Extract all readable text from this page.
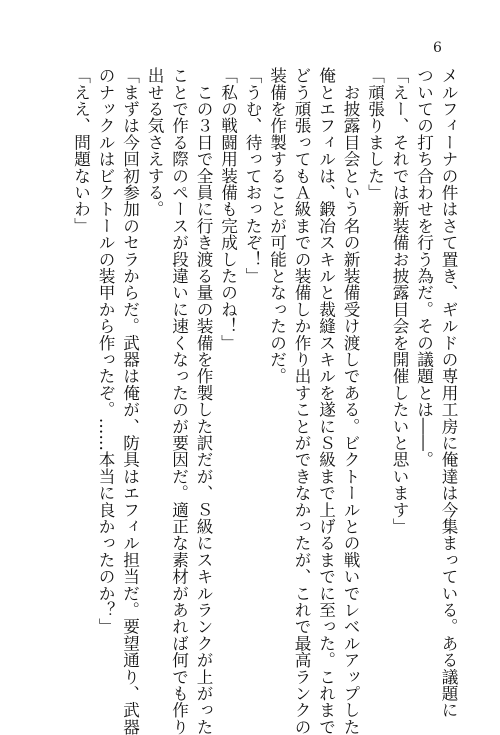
6
メルフィーナの件はさて置き、ギルドの専用工房に俺達は今集まっている。ある議題に
ついての打ち合わせを行う為だ。その議題とは――。
「えー、それでは新装備お披露目会を開催したいと思います」
「頑張りました」
　お披露目会という名の新装備受け渡しである。ビクトールとの戦いでレベルアップした
俺とエフィルは、鍛冶スキルと裁縫スキルを遂にＳ級まで上げるまでに至った。これまで
どう頑張ってもＡ級までの装備しか作り出すことができなかったが、これで最高ランクの
装備を作製することが可能となったのだ。
「うむ、待っておったぞ！」
「私の戦闘用装備も完成したのね！」
　この３日で全員に行き渡る量の装備を作製した訳だが、Ｓ級にスキルランクが上がった
ことで作る際のペースが段違いに速くなったのが要因だ。適正な素材があれば何でも作り
出せる気さえする。
「まずは今回初参加のセラからだ。武器は俺が、防具はエフィル担当だ。要望通り、武器
のナックルはビクトールの装甲から作ったぞ。……本当に良かったのか？」
「ええ、問題ないわ」
